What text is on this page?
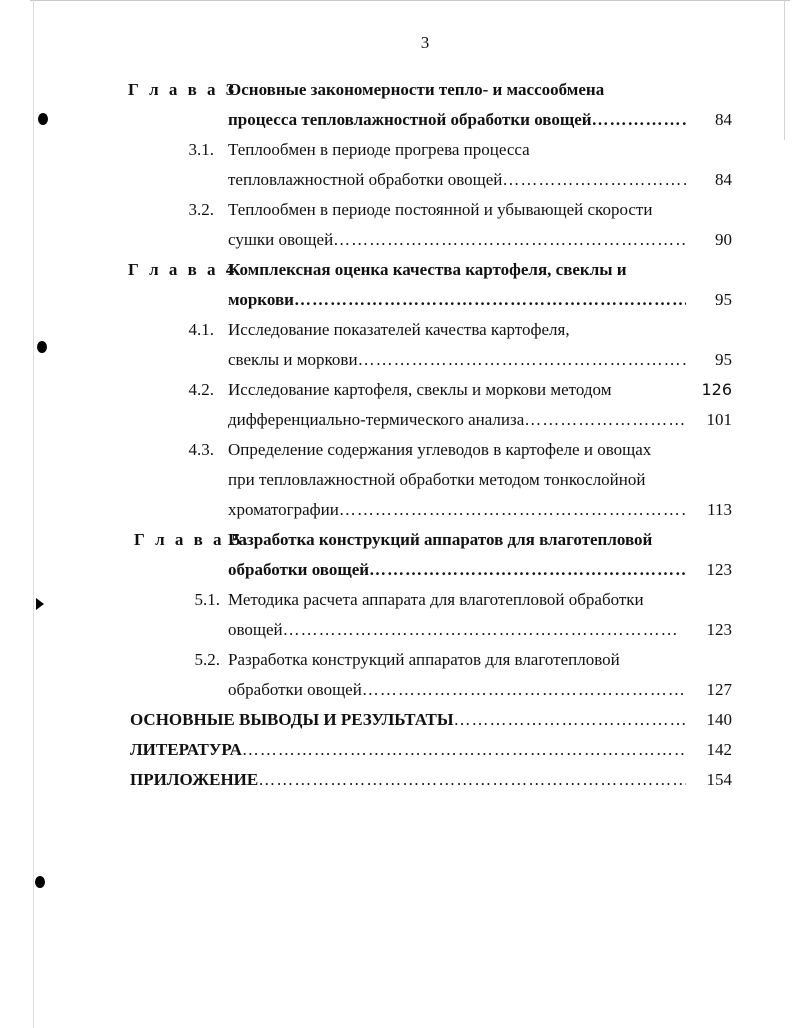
3
Г л а в а 3
Основные закономерности тепло- и массообмена
процесса тепловлажностной обработки овощей …………………………………………………………………………………………………………………………………………………………………………………………………………………	84
3.1. Теплообмен в периоде прогрева процесса
тепловлажностной обработки овощей …………………………………………………………………………………………………………………………………………………………………………………………………………………	84
3.2. Теплообмен в периоде постоянной и убывающей скорости
сушки овощей …………………………………………………………………………………………………………………………………………………………………………………………………………………	90
Г л а в а 4
Комплексная оценка качества картофеля, свеклы и
моркови …………………………………………………………………………………………………………………………………………………………………………………………………………………	95
4.1. Исследование показателей качества картофеля,
свеклы и моркови …………………………………………………………………………………………………………………………………………………………………………………………………………………	95
4.2. Исследование картофеля, свеклы и моркови методом	126
дифференциально-термического анализа …………………………………………………………………………………………………………………………………………………………………………………………………………………	101
4.3. Определение содержания углеводов в картофеле и овощах
при тепловлажностной обработки методом тонкослойной
хроматографии …………………………………………………………………………………………………………………………………………………………………………………………………………………	113
Г л а в а 5.
Разработка конструкций аппаратов для влаготепловой
обработки овощей …………………………………………………………………………………………………………………………………………………………………………………………………………………	123
5.1. Методика расчета аппарата для влаготепловой обработки
овощей …………………………………………………………………………………………………………………………………………………………………………………………………………………	123
5.2. Разработка конструкций аппаратов для влаготепловой
обработки овощей …………………………………………………………………………………………………………………………………………………………………………………………………………………	127
ОСНОВНЫЕ ВЫВОДЫ И РЕЗУЛЬТАТЫ …………………………………………………………………………………………………………………………………………………………………………………………………………………	140
ЛИТЕРАТУРА …………………………………………………………………………………………………………………………………………………………………………………………………………………	142
ПРИЛОЖЕНИЕ …………………………………………………………………………………………………………………………………………………………………………………………………………………	154
